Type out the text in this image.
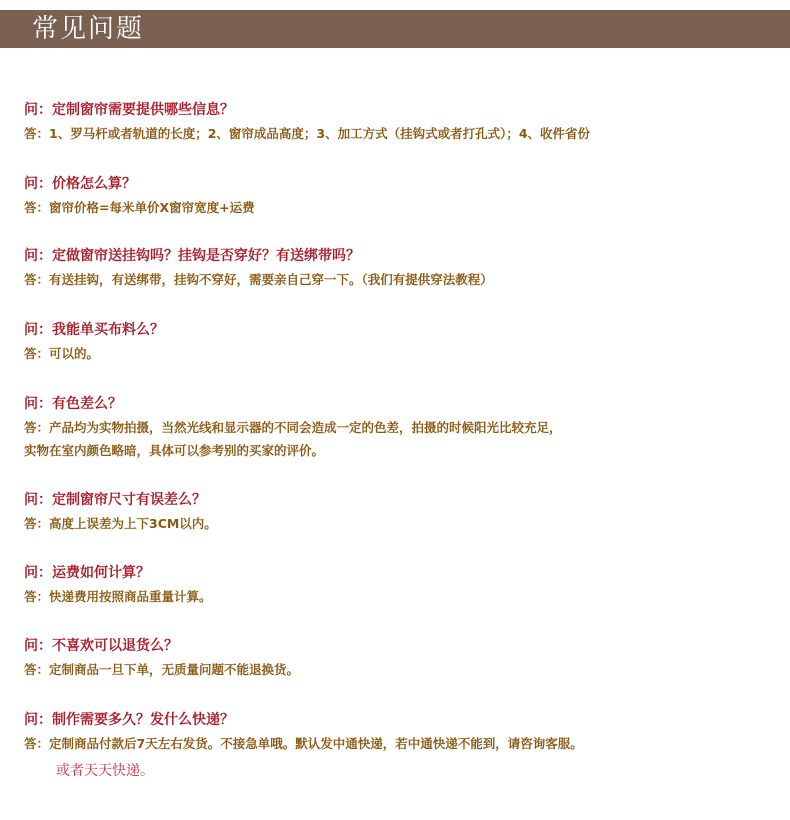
常见问题
问：定制窗帘需要提供哪些信息？
答：1、罗马杆或者轨道的长度；2、窗帘成品高度；3、加工方式（挂钩式或者打孔式）；4、收件省份
问：价格怎么算？
答：窗帘价格=每米单价X窗帘宽度+运费
问：定做窗帘送挂钩吗？挂钩是否穿好？有送绑带吗？
答：有送挂钩，有送绑带，挂钩不穿好，需要亲自己穿一下。（我们有提供穿法教程）
问：我能单买布料么？
答：可以的。
问：有色差么？
答：产品均为实物拍摄，当然光线和显示器的不同会造成一定的色差，拍摄的时候阳光比较充足，
实物在室内颜色略暗，具体可以参考别的买家的评价。
问：定制窗帘尺寸有误差么？
答：高度上误差为上下3CM以内。
问：运费如何计算？
答：快递费用按照商品重量计算。
问：不喜欢可以退货么？
答：定制商品一旦下单，无质量问题不能退换货。
问：制作需要多久？发什么快递？
答：定制商品付款后7天左右发货。不接急单哦。默认发中通快递，若中通快递不能到，请咨询客服。
或者天天快递。
